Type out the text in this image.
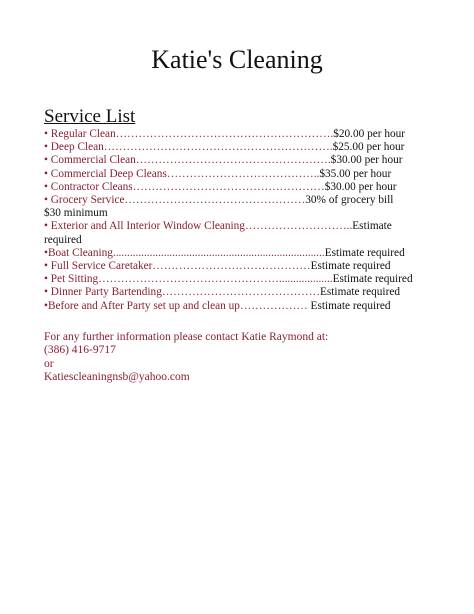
Katie's Cleaning
Service List
• Regular Clean………………………………………………….$20.00 per hour
• Deep Clean…………………………………………………….$25.00 per hour
• Commercial Clean…………………………………………….$30.00 per hour
• Commercial Deep Cleans…………………………………..$35.00 per hour
• Contractor Cleans……………………………………………$30.00 per hour
• Grocery Service…………………………………………30% of grocery bill $30 minimum
• Exterior and All Interior Window Cleaning………………………..Estimate required
•Boat Cleaning...........................................................................Estimate required
• Full Service Caretaker……………………………………Estimate required
• Pet Sitting…………………………………………...................Estimate required
• Dinner Party Bartending……………………………………Estimate required
•Before and After Party set up and clean up……………… Estimate required
For any further information please contact Katie Raymond at:
(386) 416-9717
or
Katiescleaningnsb@yahoo.com
